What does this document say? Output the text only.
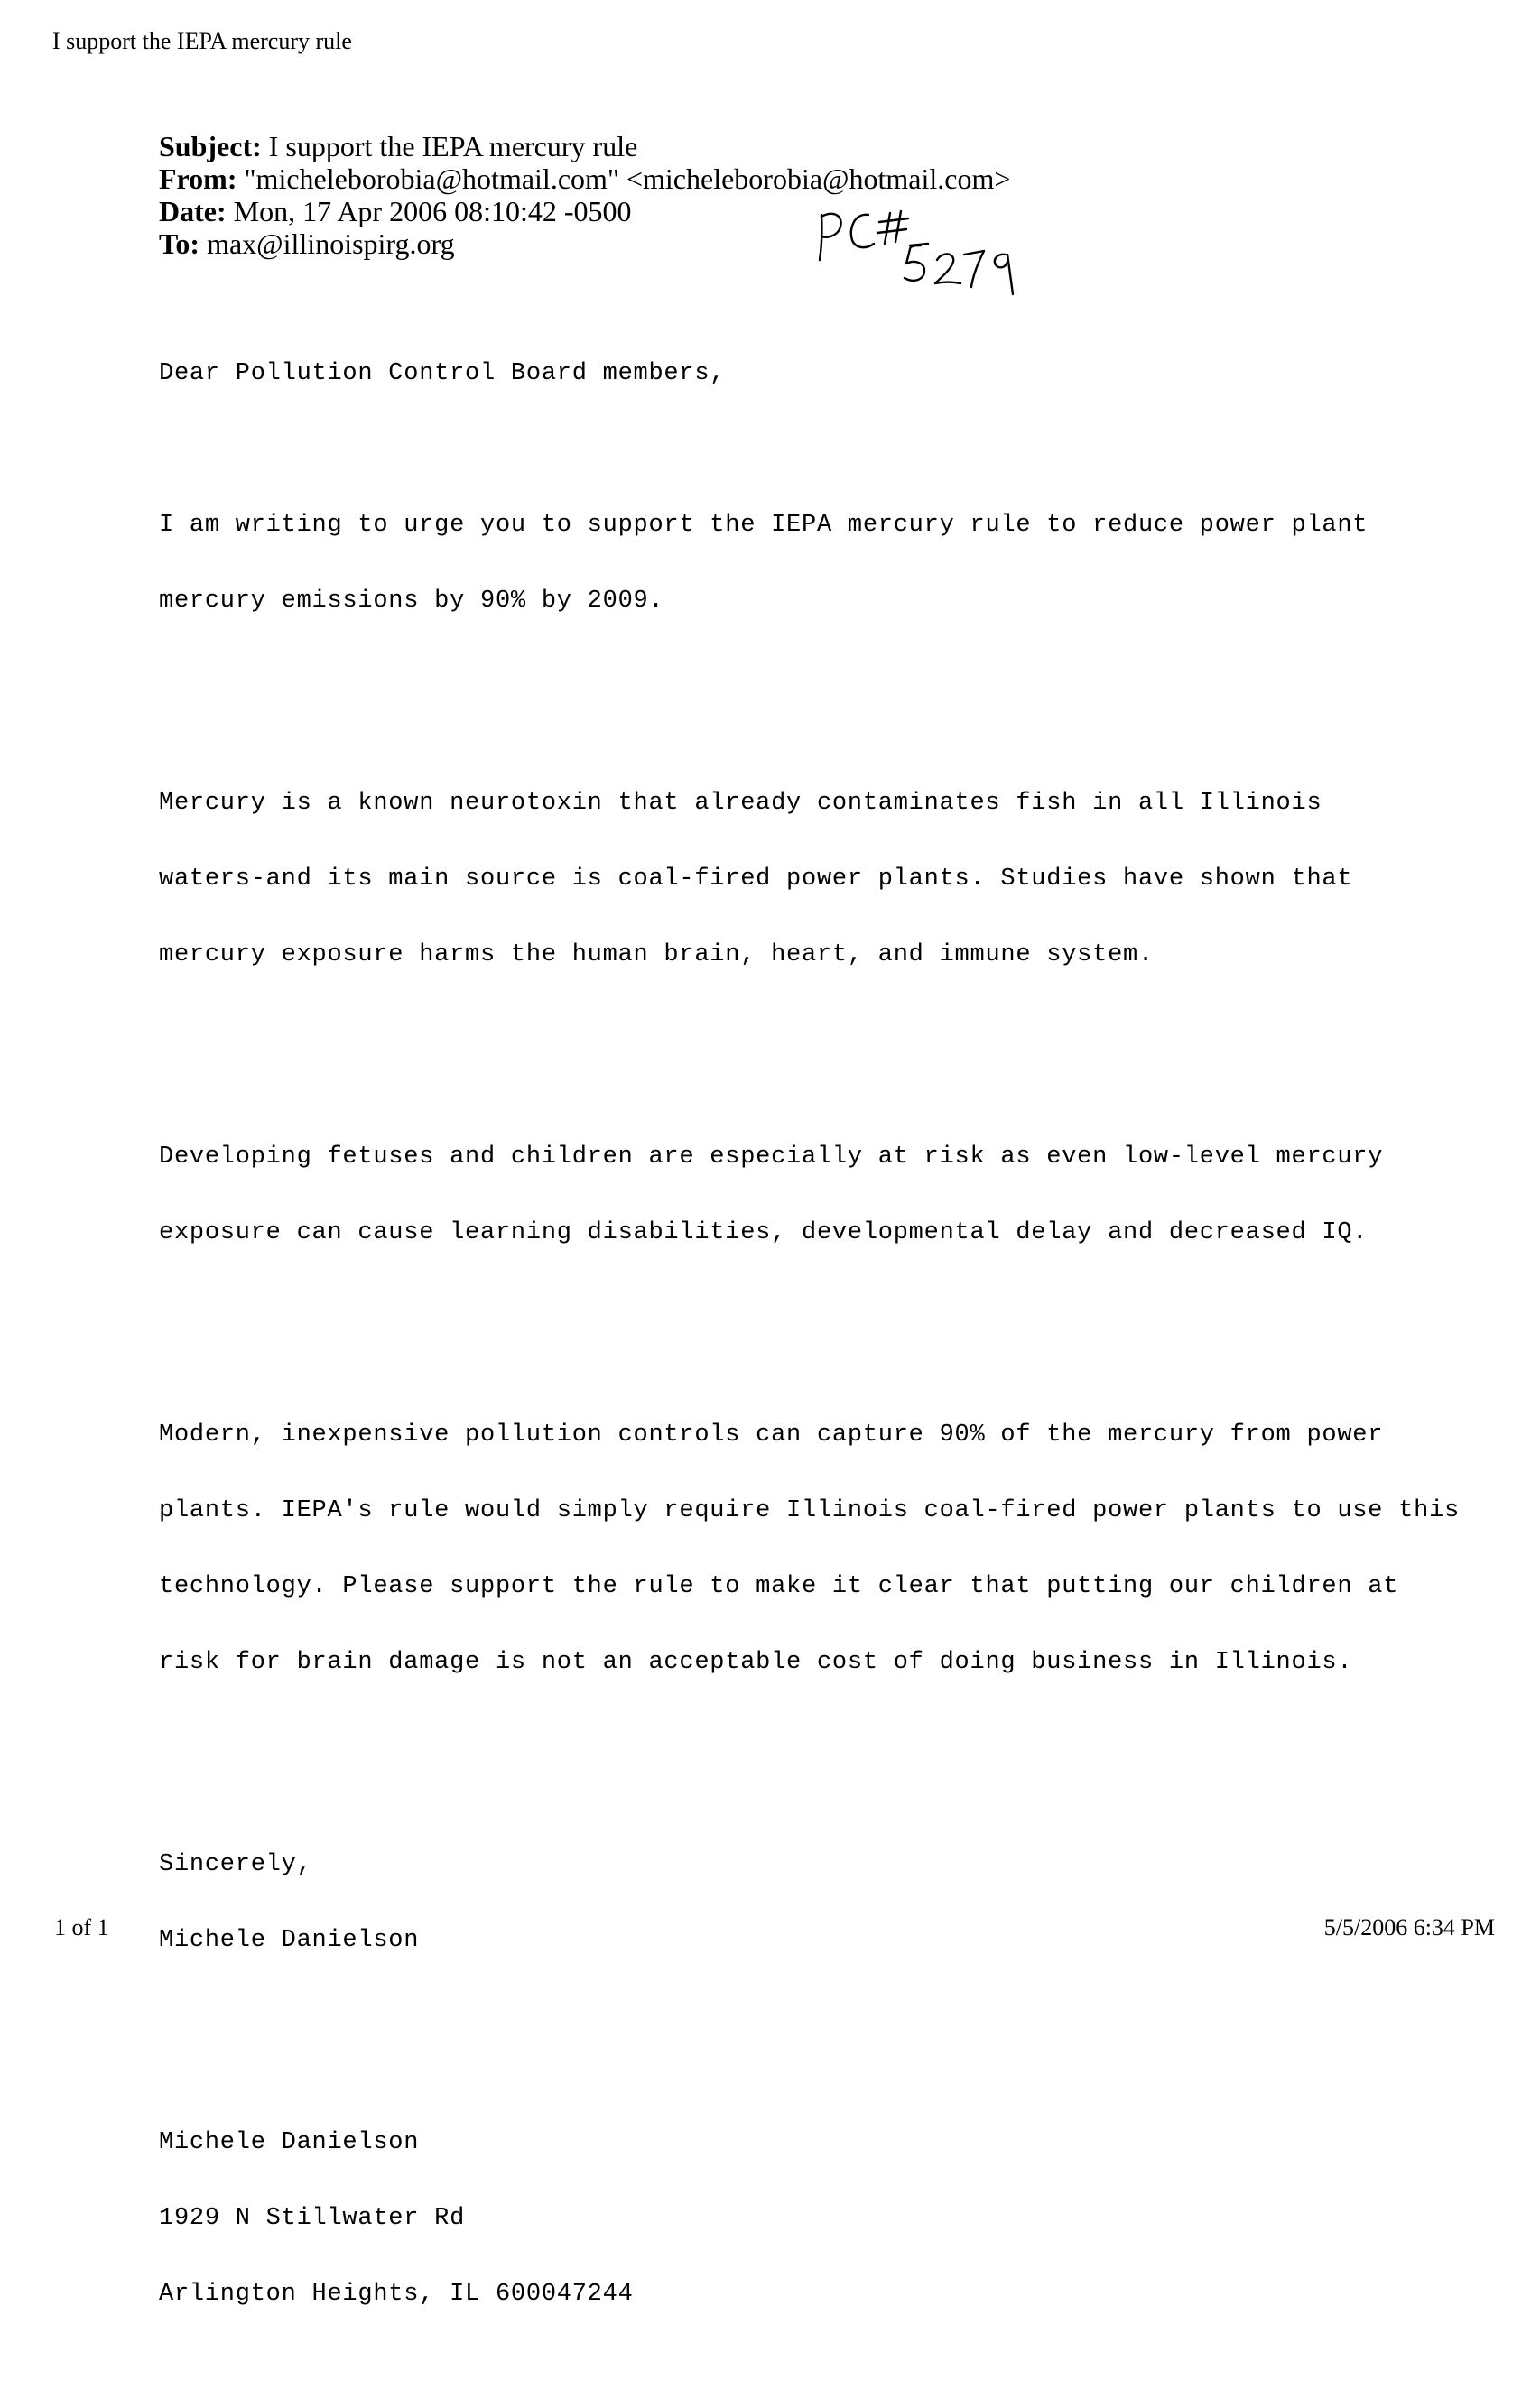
I support the IEPA mercury rule
Subject: I support the IEPA mercury rule
From: "micheleborobia@hotmail.com" <micheleborobia@hotmail.com>
Date: Mon, 17 Apr 2006 08:10:42 -0500
To: max@illinoispirg.org

Dear Pollution Control Board members,

I am writing to urge you to support the IEPA mercury rule to reduce power plant

mercury emissions by 90% by 2009.

Mercury is a known neurotoxin that already contaminates fish in all Illinois

waters-and its main source is coal-fired power plants. Studies have shown that

mercury exposure harms the human brain, heart, and immune system.

Developing fetuses and children are especially at risk as even low-level mercury

exposure can cause learning disabilities, developmental delay and decreased IQ.

Modern, inexpensive pollution controls can capture 90% of the mercury from power

plants. IEPA's rule would simply require Illinois coal-fired power plants to use this

technology. Please support the rule to make it clear that putting our children at

risk for brain damage is not an acceptable cost of doing business in Illinois.

Sincerely,

Michele Danielson

Michele Danielson

1929 N Stillwater Rd

Arlington Heights, IL 600047244

1 of 1	5/5/2006 6:34 PM
